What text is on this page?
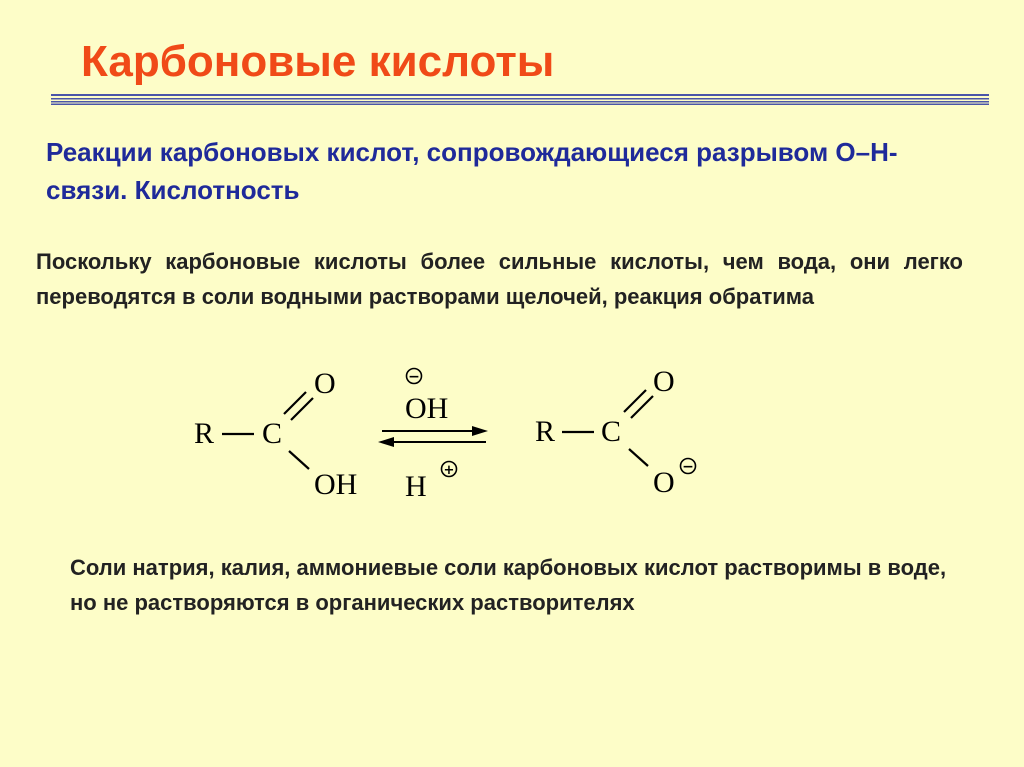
Карбоновые кислоты

Реакции карбоновых кислот, сопровождающиеся разрывом О–Н-связи. Кислотность

Поскольку карбоновые кислоты более сильные кислоты, чем вода, они легко переводятся в соли водными растворами щелочей, реакция обратима

R C
O
OH
−
OH
H +
R C
O
O −

Соли натрия, калия, аммониевые соли карбоновых кислот растворимы в воде, но не растворяются в органических растворителях
